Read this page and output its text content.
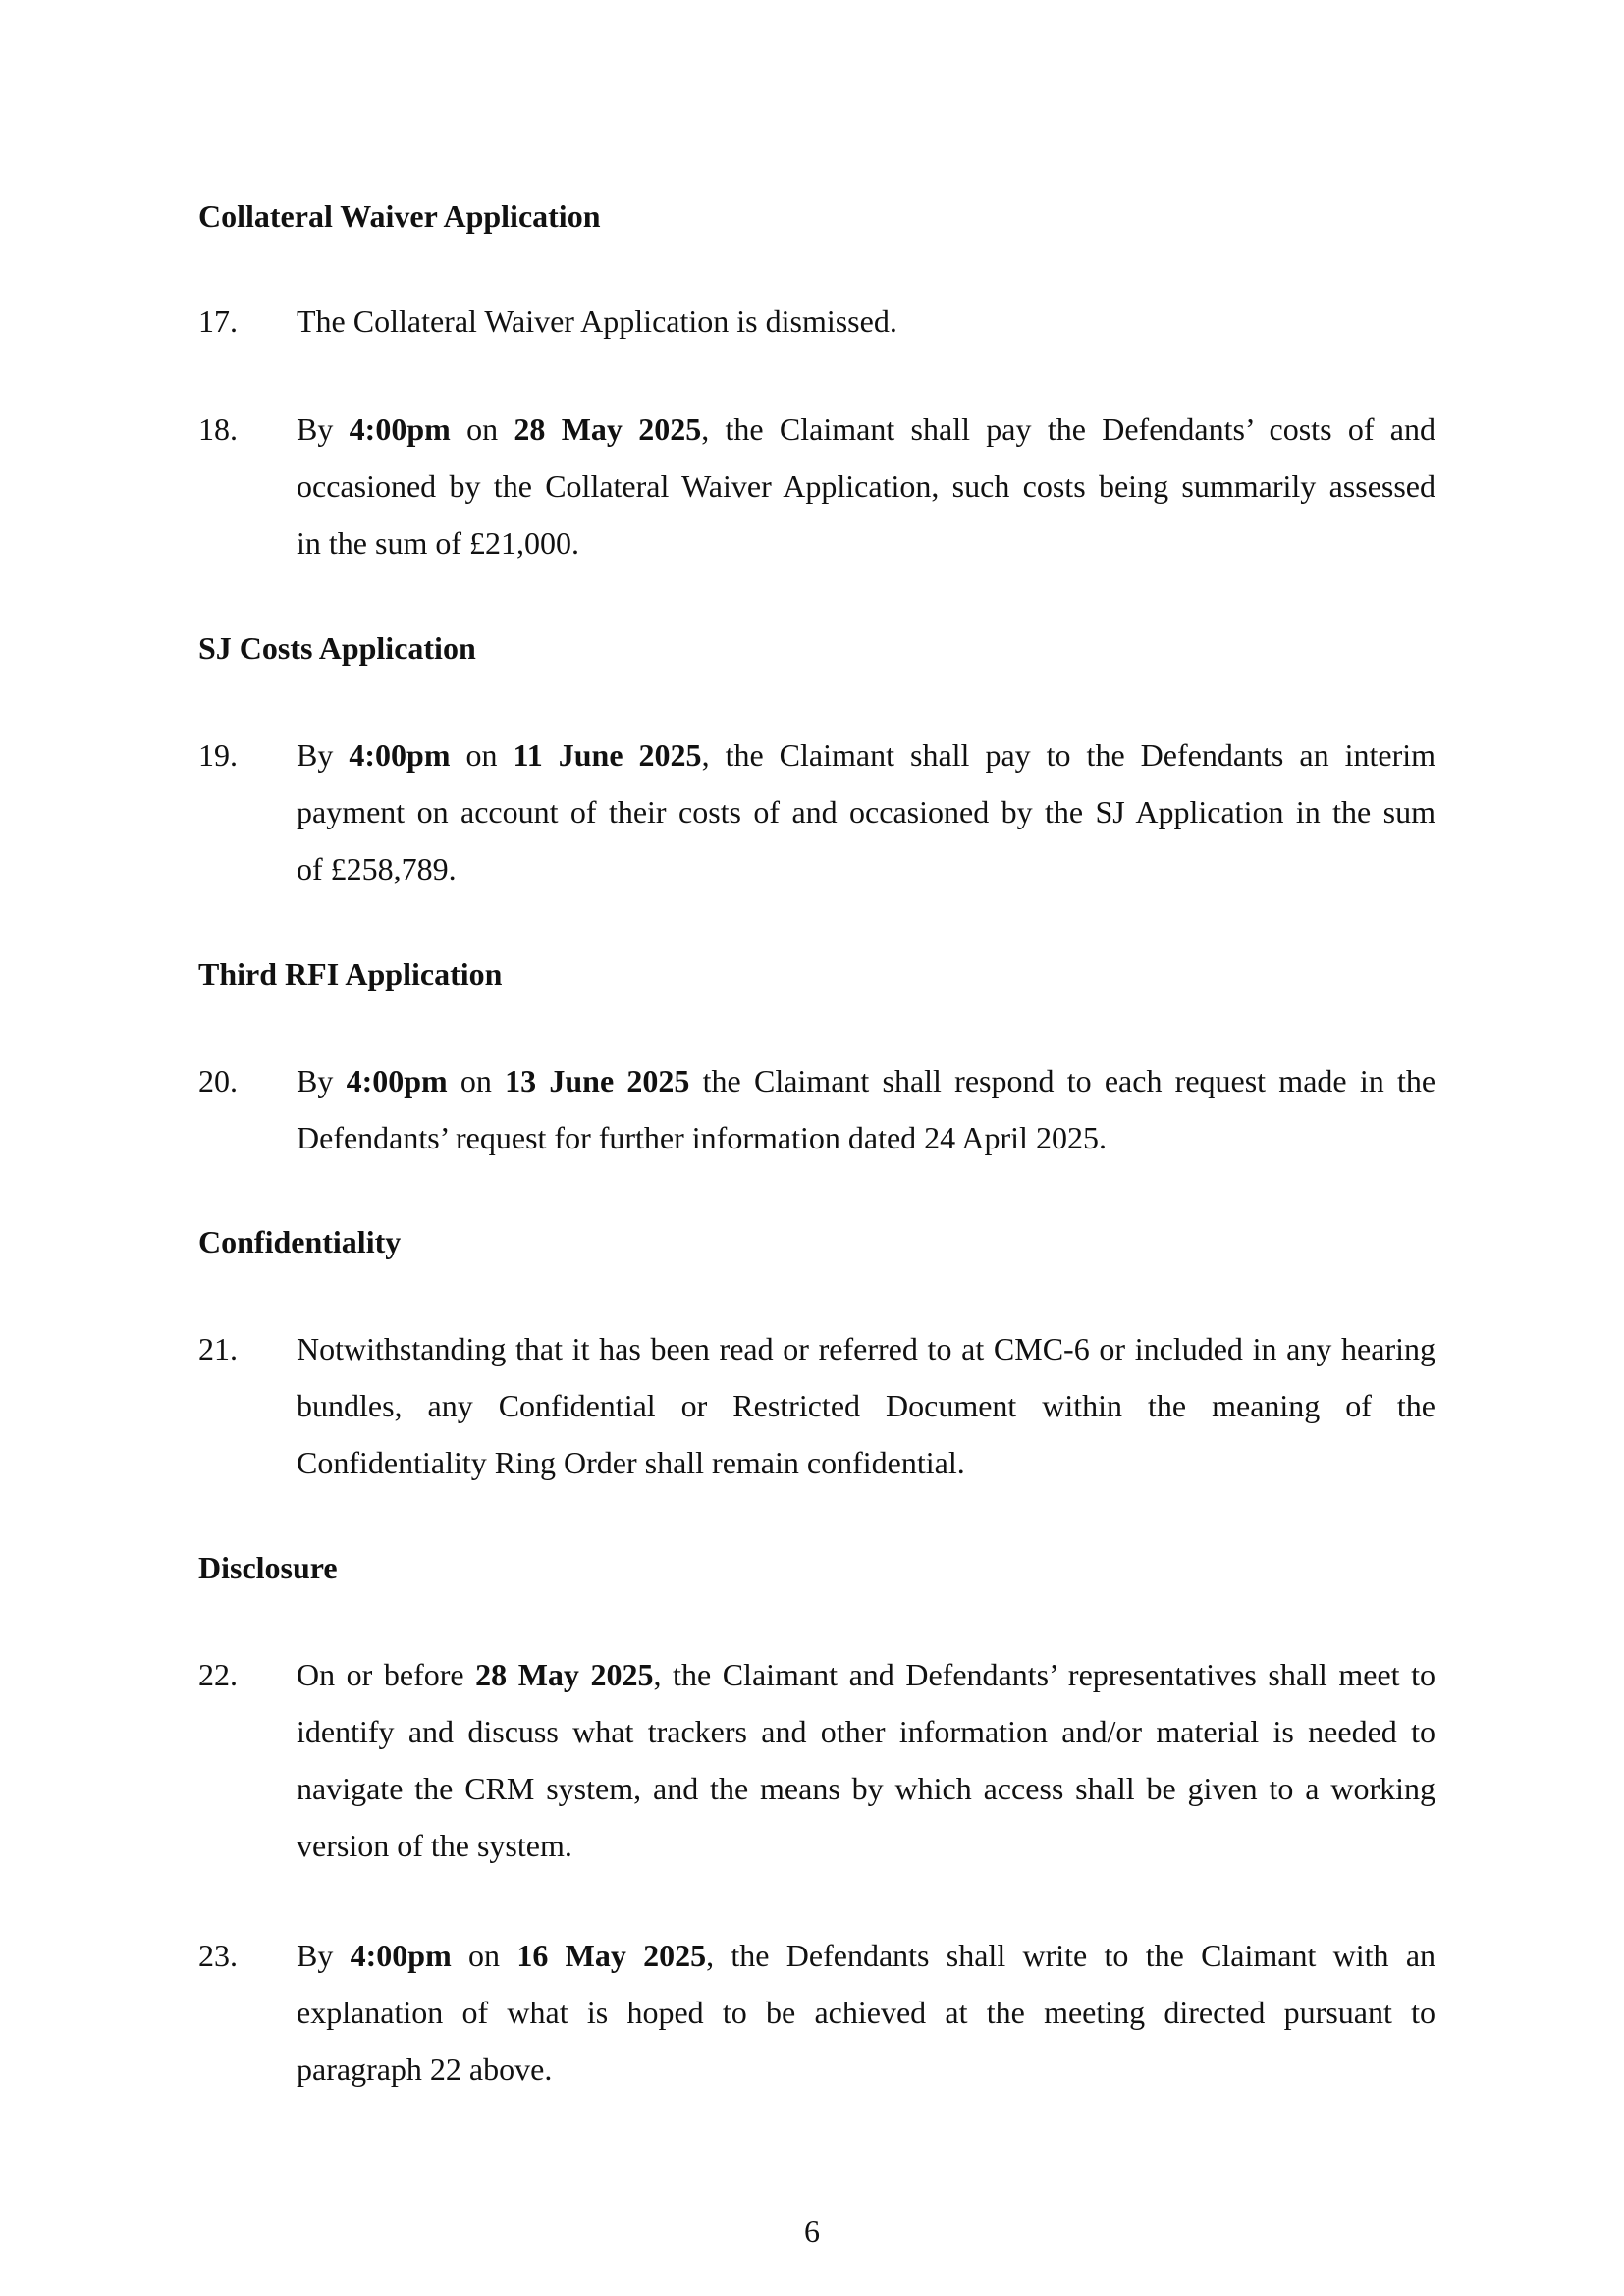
Collateral Waiver Application
17.	The Collateral Waiver Application is dismissed.
18.	By 4:00pm on 28 May 2025, the Claimant shall pay the Defendants’ costs of and
occasioned by the Collateral Waiver Application, such costs being summarily assessed
in the sum of £21,000.
SJ Costs Application
19.	By 4:00pm on 11 June 2025, the Claimant shall pay to the Defendants an interim
payment on account of their costs of and occasioned by the SJ Application in the sum
of £258,789.
Third RFI Application
20.	By 4:00pm on 13 June 2025 the Claimant shall respond to each request made in the
Defendants’ request for further information dated 24 April 2025.
Confidentiality
21.	Notwithstanding that it has been read or referred to at CMC-6 or included in any hearing
bundles, any Confidential or Restricted Document within the meaning of the
Confidentiality Ring Order shall remain confidential.
Disclosure
22.	On or before 28 May 2025, the Claimant and Defendants’ representatives shall meet to
identify and discuss what trackers and other information and/or material is needed to
navigate the CRM system, and the means by which access shall be given to a working
version of the system.
23.	By 4:00pm on 16 May 2025, the Defendants shall write to the Claimant with an
explanation of what is hoped to be achieved at the meeting directed pursuant to
paragraph 22 above.
6
